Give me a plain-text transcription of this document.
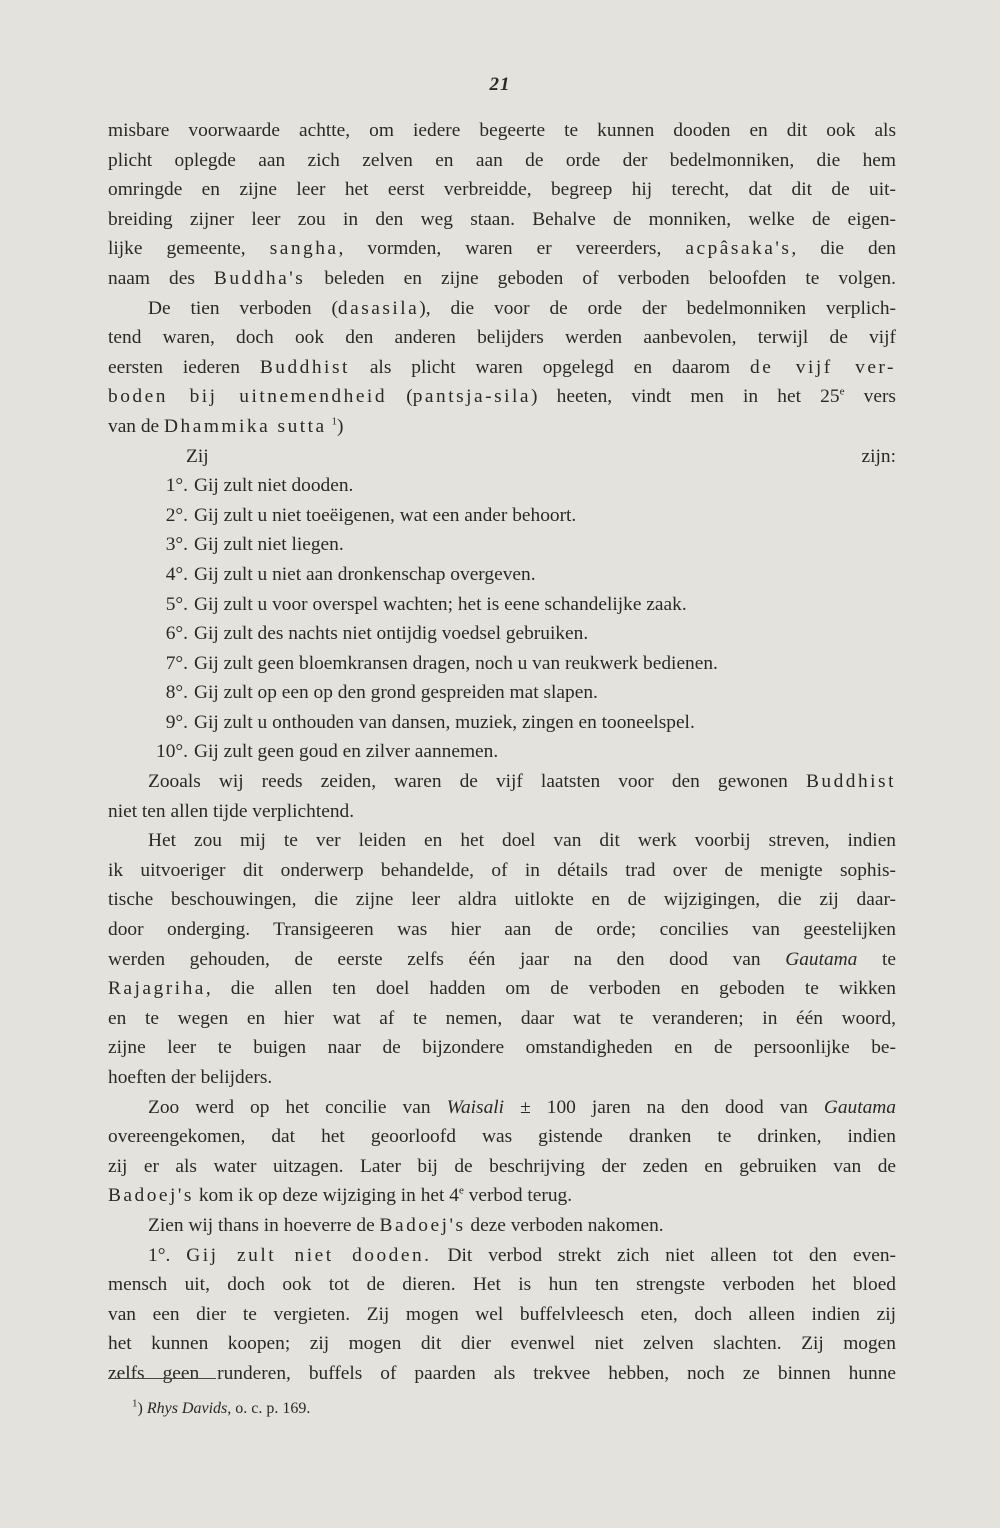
21

misbare voorwaarde achtte, om iedere begeerte te kunnen dooden en dit ook als

plicht oplegde aan zich zelven en aan de orde der bedelmonniken, die hem

omringde en zijne leer het eerst verbreidde, begreep hij terecht, dat dit de uit-

breiding zijner leer zou in den weg staan. Behalve de monniken, welke de eigen-

lijke gemeente, sangha, vormden, waren er vereerders, acpâsaka's, die den

naam des Buddha's beleden en zijne geboden of verboden beloofden te volgen.

De tien verboden (dasasila), die voor de orde der bedelmonniken verplich-

tend waren, doch ook den anderen belijders werden aanbevolen, terwijl de vijf

eersten iederen Buddhist als plicht waren opgelegd en daarom de vijf ver-

boden bij uitnemendheid (pantsja-sila) heeten, vindt men in het 25e vers

van de Dhammika sutta $^1$)

Zij zijn:

1°. Gij zult niet dooden.
2°. Gij zult u niet toeëigenen, wat een ander behoort.
3°. Gij zult niet liegen.
4°. Gij zult u niet aan dronkenschap overgeven.
5°. Gij zult u voor overspel wachten; het is eene schandelijke zaak.
6°. Gij zult des nachts niet ontijdig voedsel gebruiken.
7°. Gij zult geen bloemkransen dragen, noch u van reukwerk bedienen.
8°. Gij zult op een op den grond gespreiden mat slapen.
9°. Gij zult u onthouden van dansen, muziek, zingen en tooneelspel.
10°. Gij zult geen goud en zilver aannemen.

Zooals wij reeds zeiden, waren de vijf laatsten voor den gewonen Buddhist

niet ten allen tijde verplichtend.

Het zou mij te ver leiden en het doel van dit werk voorbij streven, indien

ik uitvoeriger dit onderwerp behandelde, of in détails trad over de menigte sophis-

tische beschouwingen, die zijne leer aldra uitlokte en de wijzigingen, die zij daar-

door onderging. Transigeeren was hier aan de orde; concilies van geestelijken

werden gehouden, de eerste zelfs één jaar na den dood van Gautama te

Rajagriha, die allen ten doel hadden om de verboden en geboden te wikken

en te wegen en hier wat af te nemen, daar wat te veranderen; in één woord,

zijne leer te buigen naar de bijzondere omstandigheden en de persoonlijke be-

hoeften der belijders.

Zoo werd op het concilie van Waisali ± 100 jaren na den dood van Gautama

overeengekomen, dat het geoorloofd was gistende dranken te drinken, indien

zij er als water uitzagen. Later bij de beschrijving der zeden en gebruiken van de

Badoej's kom ik op deze wijziging in het 4e verbod terug.

Zien wij thans in hoeverre de Badoej's deze verboden nakomen.

1°. Gij zult niet dooden. Dit verbod strekt zich niet alleen tot den even-

mensch uit, doch ook tot de dieren. Het is hun ten strengste verboden het bloed

van een dier te vergieten. Zij mogen wel buffelvleesch eten, doch alleen indien zij

het kunnen koopen; zij mogen dit dier evenwel niet zelven slachten. Zij mogen

zelfs geen runderen, buffels of paarden als trekvee hebben, noch ze binnen hunne

$^1$) Rhys Davids, o. c. p. 169.
